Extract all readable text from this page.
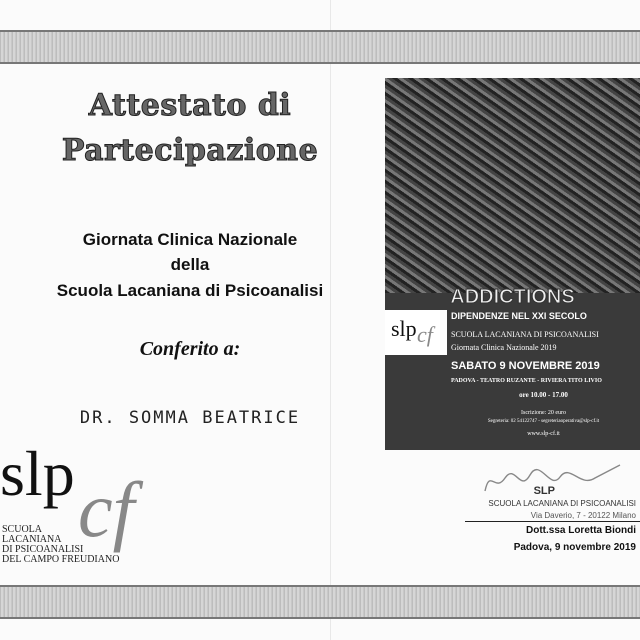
Attestato di
Partecipazione
Giornata Clinica Nazionale
della
Scuola Lacaniana di Psicoanalisi
Conferito a:
DR. SOMMA BEATRICE
slp cf
SCUOLA
LACANIANA
DI PSICOANALISI
DEL CAMPO FREUDIANO
ADDICTIONS
slp cf
DIPENDENZE NEL XXI SECOLO
SCUOLA LACANIANA DI PSICOANALISI
Giornata Clinica Nazionale 2019
SABATO 9 NOVEMBRE 2019
PADOVA - TEATRO RUZANTE - RIVIERA TITO LIVIO
ore 10.00 - 17.00
Iscrizione: 20 euro
Segreteria: 02 54122747 - segreteriaoperativa@slp-cf.it
www.slp-cf.it
SLP
SCUOLA LACANIANA DI PSICOANALISI
Via Daverio, 7 - 20122 Milano
Dott.ssa Loretta Biondi
Padova, 9 novembre 2019
